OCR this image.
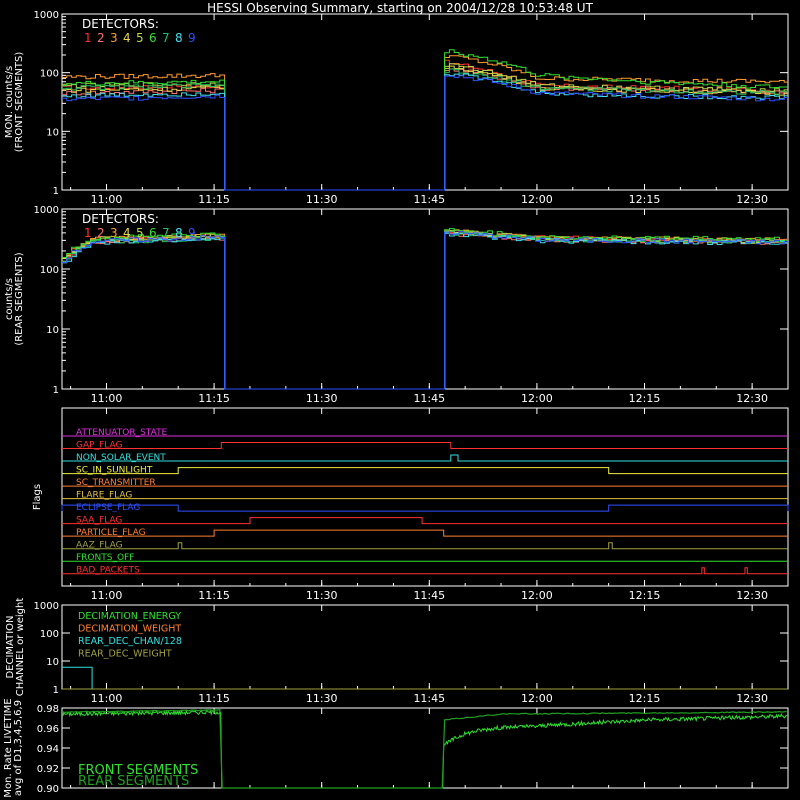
HESSI Observing Summary, starting on 2004/12/28 10:53:48 UT
1
10
100
1000
11:00	11:15	11:30	11:45	12:00	12:15	12:30
MON. counts/s (FRONT SEGMENTS)
DETECTORS:
1 2 3 4 5 6 7 8 9
1
10
100
1000
11:00	11:15	11:30	11:45	12:00	12:15	12:30
counts/s (REAR SEGMENTS)
DETECTORS:
1 2 3 4 5 6 7 8 9
11:00	11:15	11:30	11:45	12:00	12:15	12:30
Flags
ATTENUATOR_STATE
GAP_FLAG
NON_SOLAR_EVENT
SC_IN_SUNLIGHT
SC_TRANSMITTER
FLARE_FLAG
ECLIPSE_FLAG
SAA_FLAG
PARTICLE_FLAG
AAZ_FLAG
FRONTS_OFF
BAD_PACKETS
1
10
100
1000
11:00	11:15	11:30	11:45	12:00	12:15	12:30
DECIMATION CHANNEL or weight	DECIMATION_ENERGY
DECIMATION_WEIGHT
REAR_DEC_CHAN/128
REAR_DEC_WEIGHT
0.90
0.92
0.94
0.96
0.98
Mon. Rate LIVETIME avg of D1,3,4,5,6,9	FRONT SEGMENTS
REAR SEGMENTS
